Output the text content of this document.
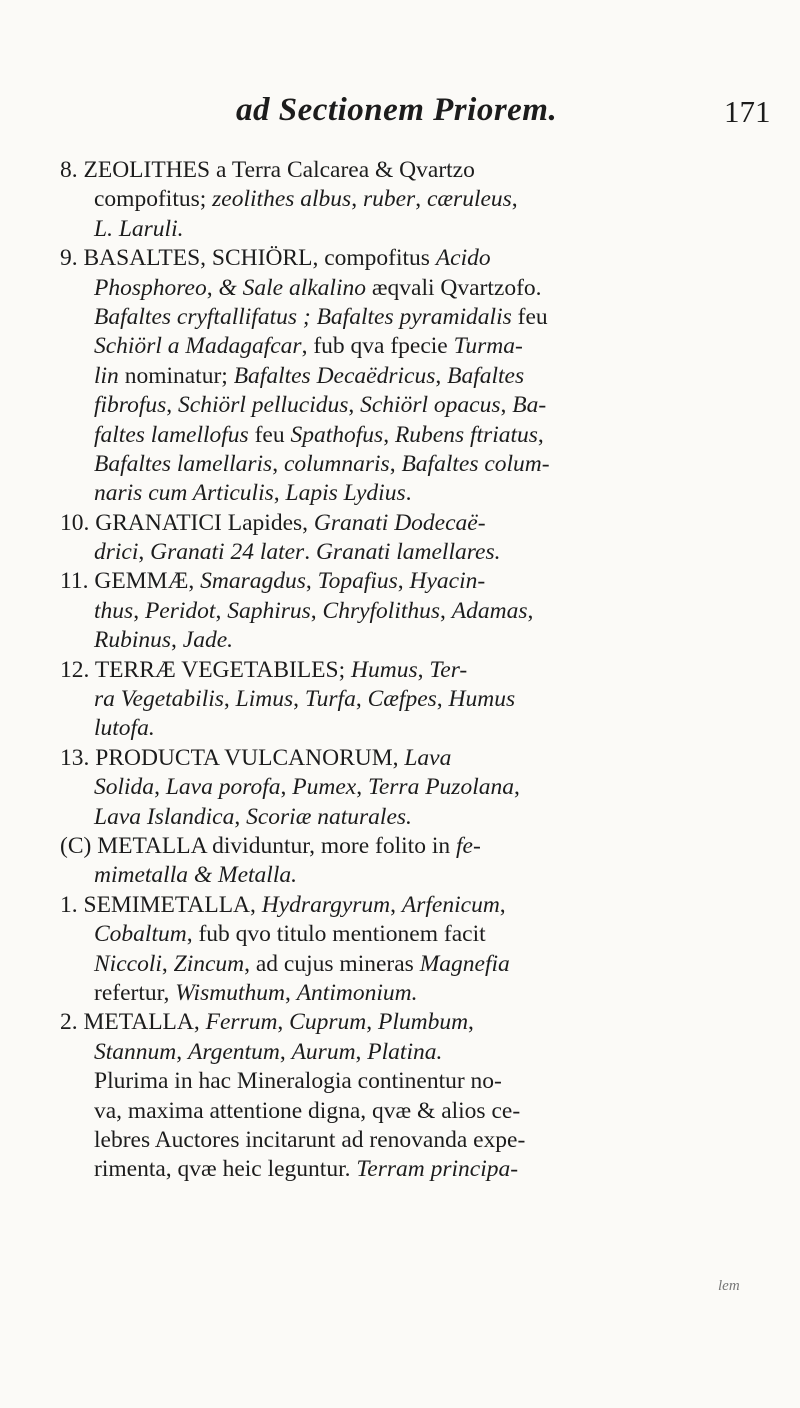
ad Sectionem Priorem.	171
8. ZEOLITHES a Terra Calcarea & Qvartzo
compofitus; zeolithes albus, ruber, cæruleus,
L. Laruli.
9. BASALTES, SCHIÖRL, compofitus Acido
Phosphoreo, & Sale alkalino æqvali Qvartzofo.
Bafaltes cryftallifatus ; Bafaltes pyramidalis feu
Schiörl a Madagafcar, fub qva fpecie Turma-
lin nominatur; Bafaltes Decaëdricus, Bafaltes
fibrofus, Schiörl pellucidus, Schiörl opacus, Ba-
faltes lamellofus feu Spathofus, Rubens ftriatus,
Bafaltes lamellaris, columnaris, Bafaltes colum-
naris cum Articulis, Lapis Lydius.
10. GRANATICI Lapides, Granati Dodecaë-
drici, Granati 24 later. Granati lamellares.
11. GEMMÆ, Smaragdus, Topafius, Hyacin-
thus, Peridot, Saphirus, Chryfolithus, Adamas,
Rubinus, Jade.
12. TERRÆ VEGETABILES; Humus, Ter-
ra Vegetabilis, Limus, Turfa, Cæfpes, Humus
lutofa.
13. PRODUCTA VULCANORUM, Lava
Solida, Lava porofa, Pumex, Terra Puzolana,
Lava Islandica, Scoriæ naturales.
(C) METALLA dividuntur, more folito in fe-
mimetalla & Metalla.
1. SEMIMETALLA, Hydrargyrum, Arfenicum,
Cobaltum, fub qvo titulo mentionem facit
Niccoli, Zincum, ad cujus mineras Magnefia
refertur, Wismuthum, Antimonium.
2. METALLA, Ferrum, Cuprum, Plumbum,
Stannum, Argentum, Aurum, Platina.
Plurima in hac Mineralogia continentur no-
va, maxima attentione digna, qvæ & alios ce-
lebres Auctores incitarunt ad renovanda expe-
rimenta, qvæ heic leguntur. Terram principa-
lem
